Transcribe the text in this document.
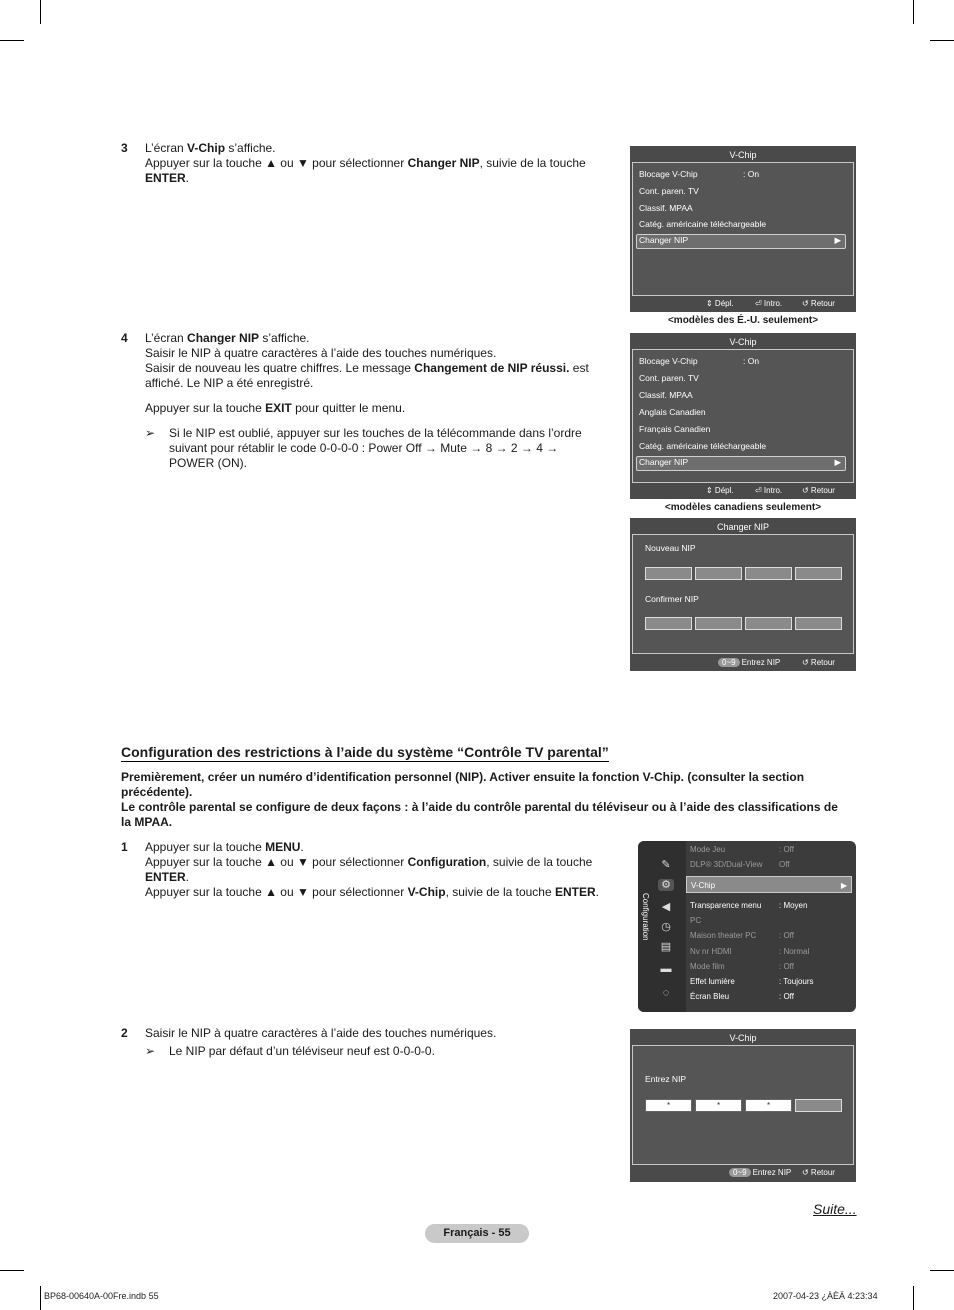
3 L’écran V-Chip s’affiche.
Appuyer sur la touche ▲ ou ▼ pour sélectionner Changer NIP, suivie de la touche
ENTER.
V-Chip
Blocage V-Chip	: On
Cont. paren. TV
Classif. MPAA
Catég. américaine téléchargeable
Changer NIP	▶
⇕ Dépl.	⏎ Intro. ↺ Retour
<modèles des É.-U. seulement>
4 L’écran Changer NIP s’affiche.
Saisir le NIP à quatre caractères à l’aide des touches numériques.
Saisir de nouveau les quatre chiffres. Le message Changement de NIP réussi. est
affiché. Le NIP a été enregistré.
Appuyer sur la touche EXIT pour quitter le menu.
➢ Si le NIP est oublié, appuyer sur les touches de la télécommande dans l’ordre
suivant pour rétablir le code 0-0-0-0 : Power Off → Mute → 8 → 2 → 4 →
POWER (ON).
V-Chip
Blocage V-Chip	: On
Cont. paren. TV
Classif. MPAA
Anglais Canadien
Français Canadien
Catég. américaine téléchargeable
Changer NIP	▶
⇕ Dépl.	⏎ Intro. ↺ Retour
<modèles canadiens seulement>
Changer NIP
Nouveau NIP
Confirmer NIP
0~9 Entrez NIP	↺ Retour
Configuration des restrictions à l’aide du système “Contrôle TV parental”
Premièrement, créer un numéro d’identification personnel (NIP). Activer ensuite la fonction V-Chip. (consulter la section
précédente).
Le contrôle parental se configure de deux façons : à l’aide du contrôle parental du téléviseur ou à l’aide des classifications de
la MPAA.
1 Appuyer sur la touche MENU.
Appuyer sur la touche ▲ ou ▼ pour sélectionner Configuration, suivie de la touche
ENTER.
Appuyer sur la touche ▲ ou ▼ pour sélectionner V-Chip, suivie de la touche ENTER.
Configuration
✎
⚙
◀
◷
▤
▬
◌
Mode Jeu	: Off
DLP® 3D/Dual-View Off
V-Chip	▶
Transparence menu : Moyen
PC
Maison theater PC	: Off
Nv nr HDMI	: Normal
Mode film	: Off
Effet lumière	: Toujours
Écran Bleu	: Off
2 Saisir le NIP à quatre caractères à l’aide des touches numériques.
➢ Le NIP par défaut d’un téléviseur neuf est 0-0-0-0.
V-Chip
Entrez NIP
*	*	*
0~9 Entrez NIP ↺ Retour
Suite...
Français - 55
BP68-00640A-00Fre.indb 55	2007-04-23 ¿ÀÈÄ 4:23:34
